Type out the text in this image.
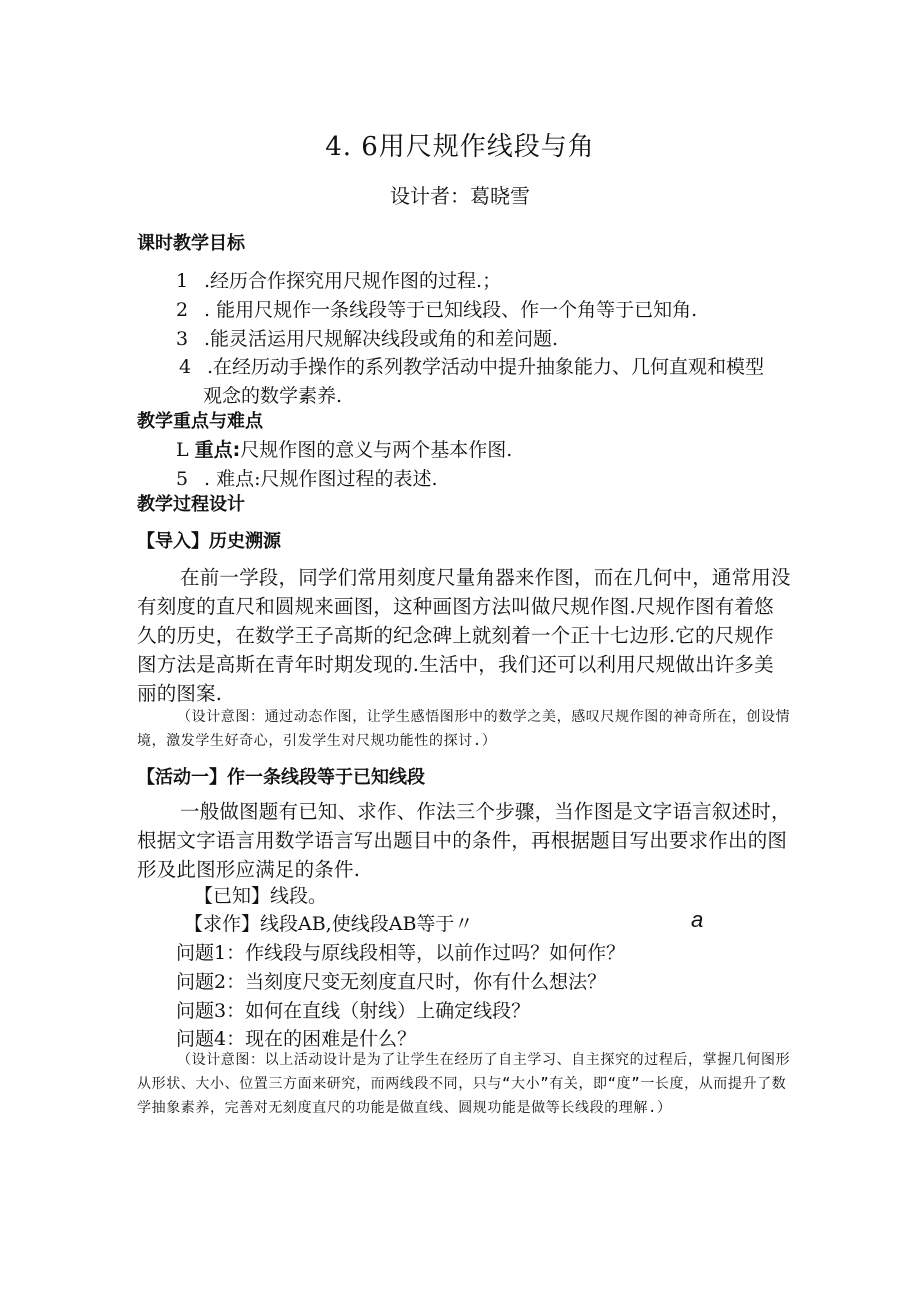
4. 6用尺规作线段与角
设计者：葛晓雪
课时教学目标
1 .经历合作探究用尺规作图的过程.；
2 . 能用尺规作一条线段等于已知线段、作一个角等于已知角.
3 .能灵活运用尺规解决线段或角的和差问题.
4 .在经历动手操作的系列教学活动中提升抽象能力、几何直观和模型
观念的数学素养.
教学重点与难点
L 重点:尺规作图的意义与两个基本作图.
5 . 难点:尺规作图过程的表述.
教学过程设计
【导入】历史溯源
在前一学段，同学们常用刻度尺量角器来作图，而在几何中，通常用没有刻度的直尺和圆规来画图，这种画图方法叫做尺规作图.尺规作图有着悠久的历史，在数学王子高斯的纪念碑上就刻着一个正十七边形.它的尺规作图方法是高斯在青年时期发现的.生活中，我们还可以利用尺规做出许多美丽的图案.
（设计意图：通过动态作图，让学生感悟图形中的数学之美，感叹尺规作图的神奇所在，创设情境，激发学生好奇心，引发学生对尺规功能性的探讨.）
【活动一】作一条线段等于已知线段
一般做图题有已知、求作、作法三个步骤，当作图是文字语言叙述时，根据文字语言用数学语言写出题目中的条件，再根据题目写出要求作出的图形及此图形应满足的条件.
【已知】线段。
【求作】线段AB,使线段AB等于〃	a
问题1：作线段与原线段相等，以前作过吗？如何作？
问题2：当刻度尺变无刻度直尺时，你有什么想法？
问题3：如何在直线（射线）上确定线段？
问题4：现在的困难是什么？
（设计意图：以上活动设计是为了让学生在经历了自主学习、自主探究的过程后，掌握几何图形从形状、大小、位置三方面来研究，而两线段不同，只与“大小”有关，即“度”一长度，从而提升了数学抽象素养，完善对无刻度直尺的功能是做直线、圆规功能是做等长线段的理解.）
